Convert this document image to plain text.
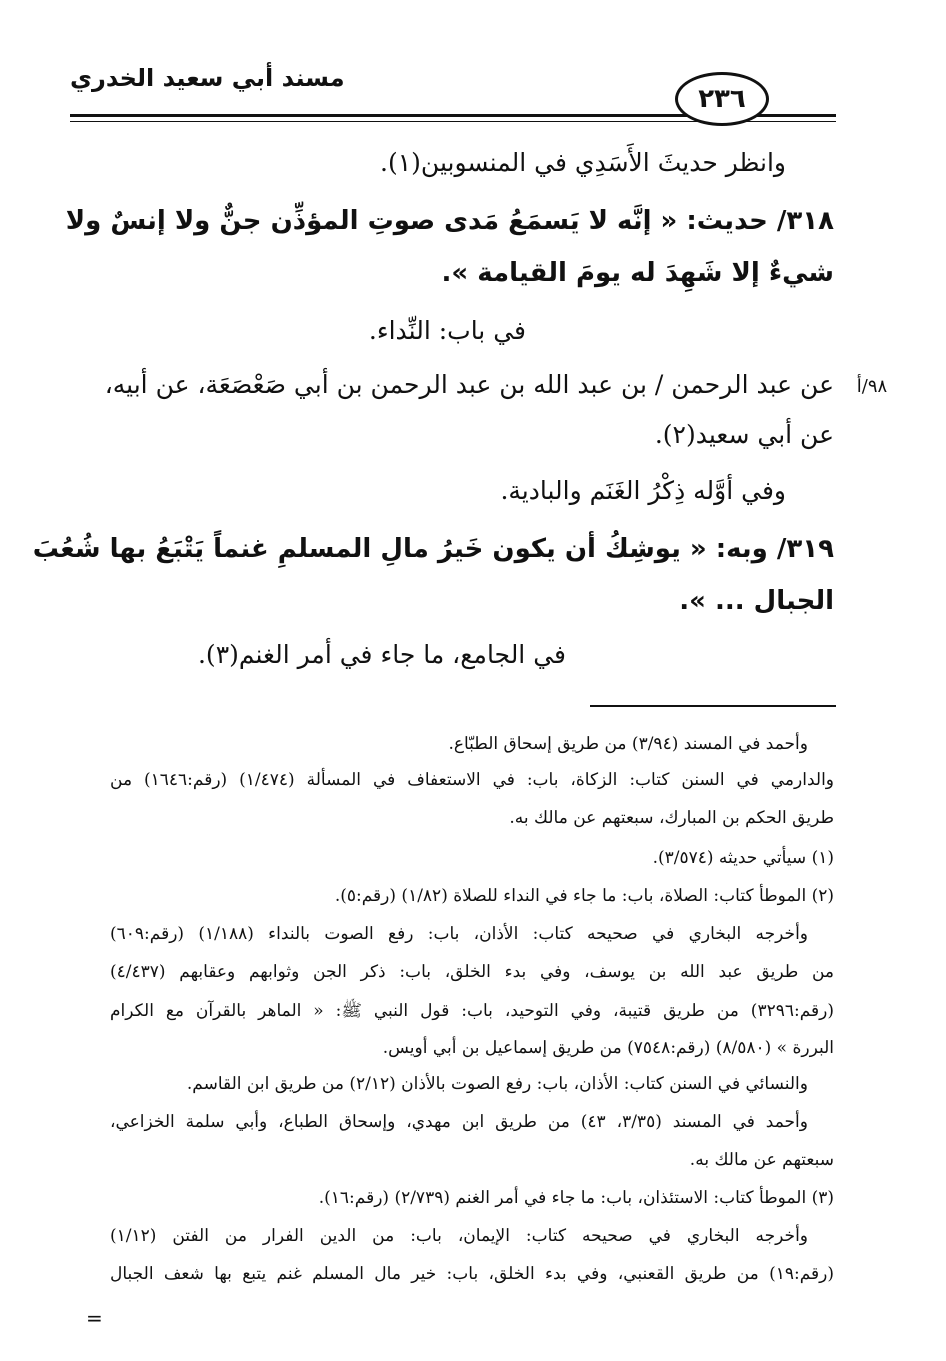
مسند أبي سعيد الخدري
٢٣٦
٩٨/أ
وانظر حديثَ الأَسَدِي في المنسوبين(١).
٣١٨/ حديث: « إنَّه لا يَسمَعُ مَدى صوتِ المؤذِّن جنٌّ ولا إنسٌ ولا
شيءٌ إلا شَهِدَ له يومَ القيامة ».
في باب: النِّداء.
عن عبد الرحمن / بن عبد الله بن عبد الرحمن بن أبي صَعْصَعَة، عن أبيه،
عن أبي سعيد(٢).
وفي أوَّله ذِكْرُ الغَنَم والبادية.
٣١٩/ وبه: « يوشِكُ أن يكون خَيرُ مالِ المسلمِ غنماً يَتْبَعُ بها شُعُبَ
الجبال ... ».
في الجامع، ما جاء في أمر الغنم(٣).
وأحمد في المسند (٣/٩٤) من طريق إسحاق الطبّاع.
والدارمي في السنن كتاب: الزكاة، باب: في الاستعفاف في المسألة (١/٤٧٤) (رقم:١٦٤٦) من
طريق الحكم بن المبارك، سبعتهم عن مالك به.
(١) سيأتي حديثه (٣/٥٧٤).
(٢) الموطأ كتاب: الصلاة، باب: ما جاء في النداء للصلاة (١/٨٢) (رقم:٥).
وأخرجه البخاري في صحيحه كتاب: الأذان، باب: رفع الصوت بالنداء (١/١٨٨) (رقم:٦٠٩)
من طريق عبد الله بن يوسف، وفي بدء الخلق، باب: ذكر الجن وثوابهم وعقابهم (٤/٤٣٧)
(رقم:٣٢٩٦) من طريق قتيبة، وفي التوحيد، باب: قول النبي ﷺ: « الماهر بالقرآن مع الكرام
البررة » (٨/٥٨٠) (رقم:٧٥٤٨) من طريق إسماعيل بن أبي أويس.
والنسائي في السنن كتاب: الأذان، باب: رفع الصوت بالأذان (٢/١٢) من طريق ابن القاسم.
وأحمد في المسند (٣/٣٥، ٤٣) من طريق ابن مهدي، وإسحاق الطباع، وأبي سلمة الخزاعي،
سبعتهم عن مالك به.
(٣) الموطأ كتاب: الاستئذان، باب: ما جاء في أمر الغنم (٢/٧٣٩) (رقم:١٦).
وأخرجه البخاري في صحيحه كتاب: الإيمان، باب: من الدين الفرار من الفتن (١/١٢)
(رقم:١٩) من طريق القعنبي، وفي بدء الخلق، باب: خير مال المسلم غنم يتبع بها شعف الجبال
=
